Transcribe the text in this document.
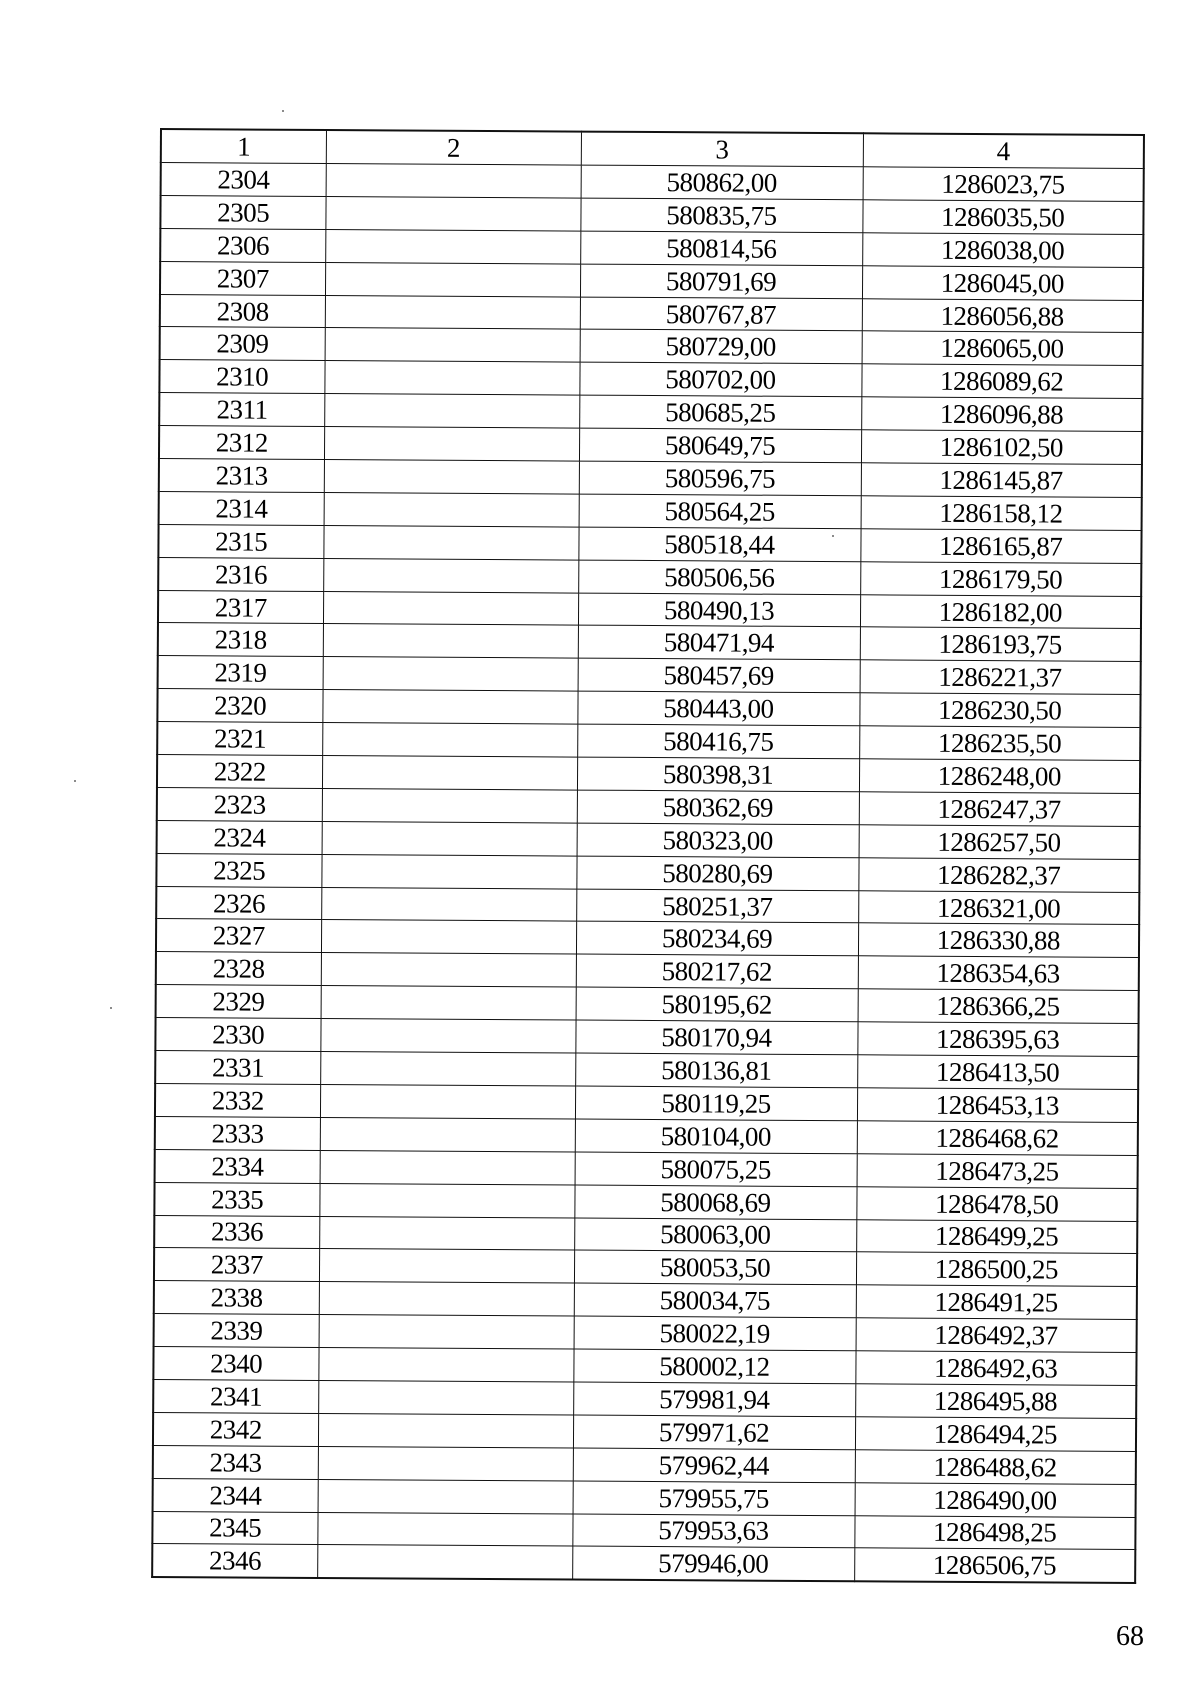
1	2	3	4
2304		580862,00	1286023,75
2305		580835,75	1286035,50
2306		580814,56	1286038,00
2307		580791,69	1286045,00
2308		580767,87	1286056,88
2309		580729,00	1286065,00
2310		580702,00	1286089,62
2311		580685,25	1286096,88
2312		580649,75	1286102,50
2313		580596,75	1286145,87
2314		580564,25	1286158,12
2315		580518,44	1286165,87
2316		580506,56	1286179,50
2317		580490,13	1286182,00
2318		580471,94	1286193,75
2319		580457,69	1286221,37
2320		580443,00	1286230,50
2321		580416,75	1286235,50
2322		580398,31	1286248,00
2323		580362,69	1286247,37
2324		580323,00	1286257,50
2325		580280,69	1286282,37
2326		580251,37	1286321,00
2327		580234,69	1286330,88
2328		580217,62	1286354,63
2329		580195,62	1286366,25
2330		580170,94	1286395,63
2331		580136,81	1286413,50
2332		580119,25	1286453,13
2333		580104,00	1286468,62
2334		580075,25	1286473,25
2335		580068,69	1286478,50
2336		580063,00	1286499,25
2337		580053,50	1286500,25
2338		580034,75	1286491,25
2339		580022,19	1286492,37
2340		580002,12	1286492,63
2341		579981,94	1286495,88
2342		579971,62	1286494,25
2343		579962,44	1286488,62
2344		579955,75	1286490,00
2345		579953,63	1286498,25
2346		579946,00	1286506,75
68
